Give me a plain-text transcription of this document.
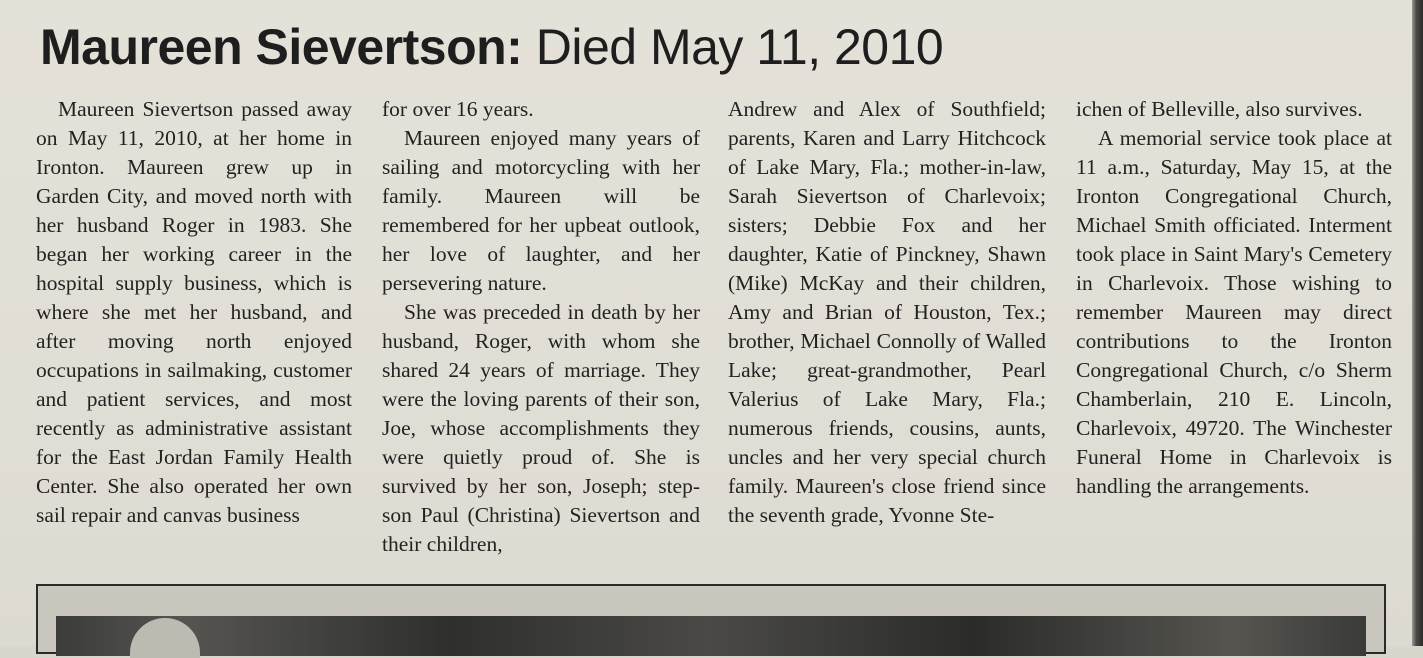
Maureen Sievertson: Died May 11, 2010

Maureen Sievertson passed away on May 11, 2010, at her home in Ironton. Maureen grew up in Garden City, and moved north with her husband Roger in 1983. She began her working career in the hospital supply business, which is where she met her husband, and after moving north enjoyed occupations in sailmaking, customer and patient services, and most recently as administrative assistant for the East Jordan Family Health Center. She also operated her own sail repair and canvas business

for over 16 years.

Maureen enjoyed many years of sailing and motorcycling with her family. Maureen will be remembered for her upbeat outlook, her love of laughter, and her persevering nature.

She was preceded in death by her husband, Roger, with whom she shared 24 years of marriage. They were the loving parents of their son, Joe, whose accomplishments they were quietly proud of. She is survived by her son, Joseph; step-son Paul (Christina) Sievertson and their children,

Andrew and Alex of Southfield; parents, Karen and Larry Hitchcock of Lake Mary, Fla.; mother-in-law, Sarah Sievertson of Charlevoix; sisters; Debbie Fox and her daughter, Katie of Pinckney, Shawn (Mike) McKay and their children, Amy and Brian of Houston, Tex.; brother, Michael Connolly of Walled Lake; great-grandmother, Pearl Valerius of Lake Mary, Fla.; numerous friends, cousins, aunts, uncles and her very special church family. Maureen's close friend since the seventh grade, Yvonne Ste-

ichen of Belleville, also survives.

A memorial service took place at 11 a.m., Saturday, May 15, at the Ironton Congregational Church, Michael Smith officiated. Interment took place in Saint Mary's Cemetery in Charlevoix. Those wishing to remember Maureen may direct contributions to the Ironton Congregational Church, c/o Sherm Chamberlain, 210 E. Lincoln, Charlevoix, 49720. The Winchester Funeral Home in Charlevoix is handling the arrangements.
